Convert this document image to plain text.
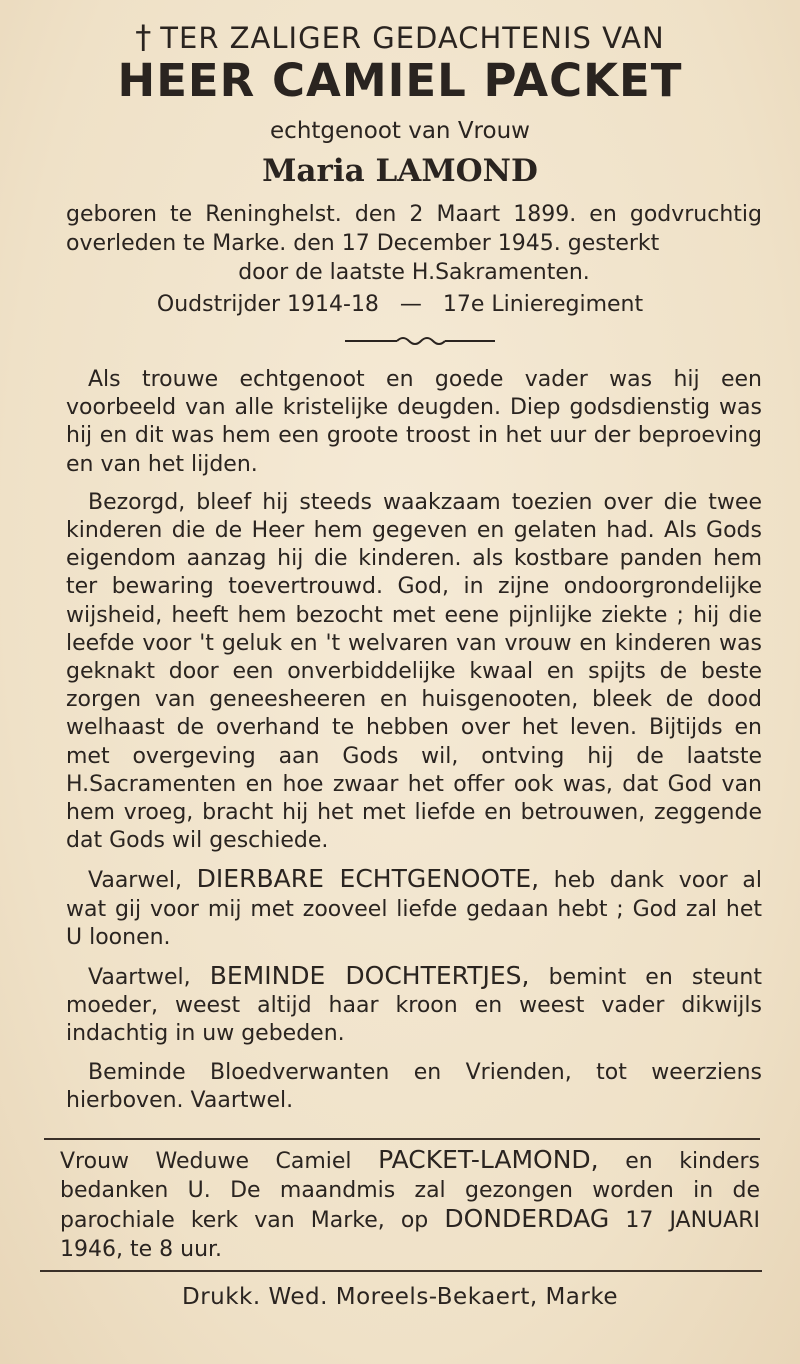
† TER ZALIGER GEDACHTENIS VAN
HEER CAMIEL PACKET
echtgenoot van Vrouw
Maria LAMOND
geboren te Reninghelst. den 2 Maart 1899. en godvruchtig overleden te Marke. den 17 December 1945. gesterkt
door de laatste H.Sakramenten.
Oudstrijder 1914-18 — 17e Linieregiment

Als trouwe echtgenoot en goede vader was hij een voorbeeld van alle kristelijke deugden. Diep godsdienstig was hij en dit was hem een groote troost in het uur der beproeving en van het lijden.

Bezorgd, bleef hij steeds waakzaam toezien over die twee kinderen die de Heer hem gegeven en gelaten had. Als Gods eigendom aanzag hij die kinderen. als kostbare panden hem ter bewaring toevertrouwd. God, in zijne ondoorgrondelijke wijsheid, heeft hem bezocht met eene pijnlijke ziekte ; hij die leefde voor 't geluk en 't welvaren van vrouw en kinderen was geknakt door een onverbiddelijke kwaal en spijts de beste zorgen van geneesheeren en huisgenooten, bleek de dood welhaast de overhand te hebben over het leven. Bijtijds en met overgeving aan Gods wil, ontving hij de laatste H.Sacramenten en hoe zwaar het offer ook was, dat God van hem vroeg, bracht hij het met liefde en betrouwen, zeggende dat Gods wil geschiede.

Vaarwel, DIERBARE ECHTGENOOTE, heb dank voor al wat gij voor mij met zooveel liefde gedaan hebt ; God zal het U loonen.

Vaartwel, BEMINDE DOCHTERTJES, bemint en steunt moeder, weest altijd haar kroon en weest vader dikwijls indachtig in uw gebeden.

Beminde Bloedverwanten en Vrienden, tot weerziens hierboven. Vaartwel.

Vrouw Weduwe Camiel PACKET-LAMOND, en kinders bedanken U. De maandmis zal gezongen worden in de parochiale kerk van Marke, op DONDERDAG 17 JANUARI 1946, te 8 uur.
Drukk. Wed. Moreels-Bekaert, Marke
